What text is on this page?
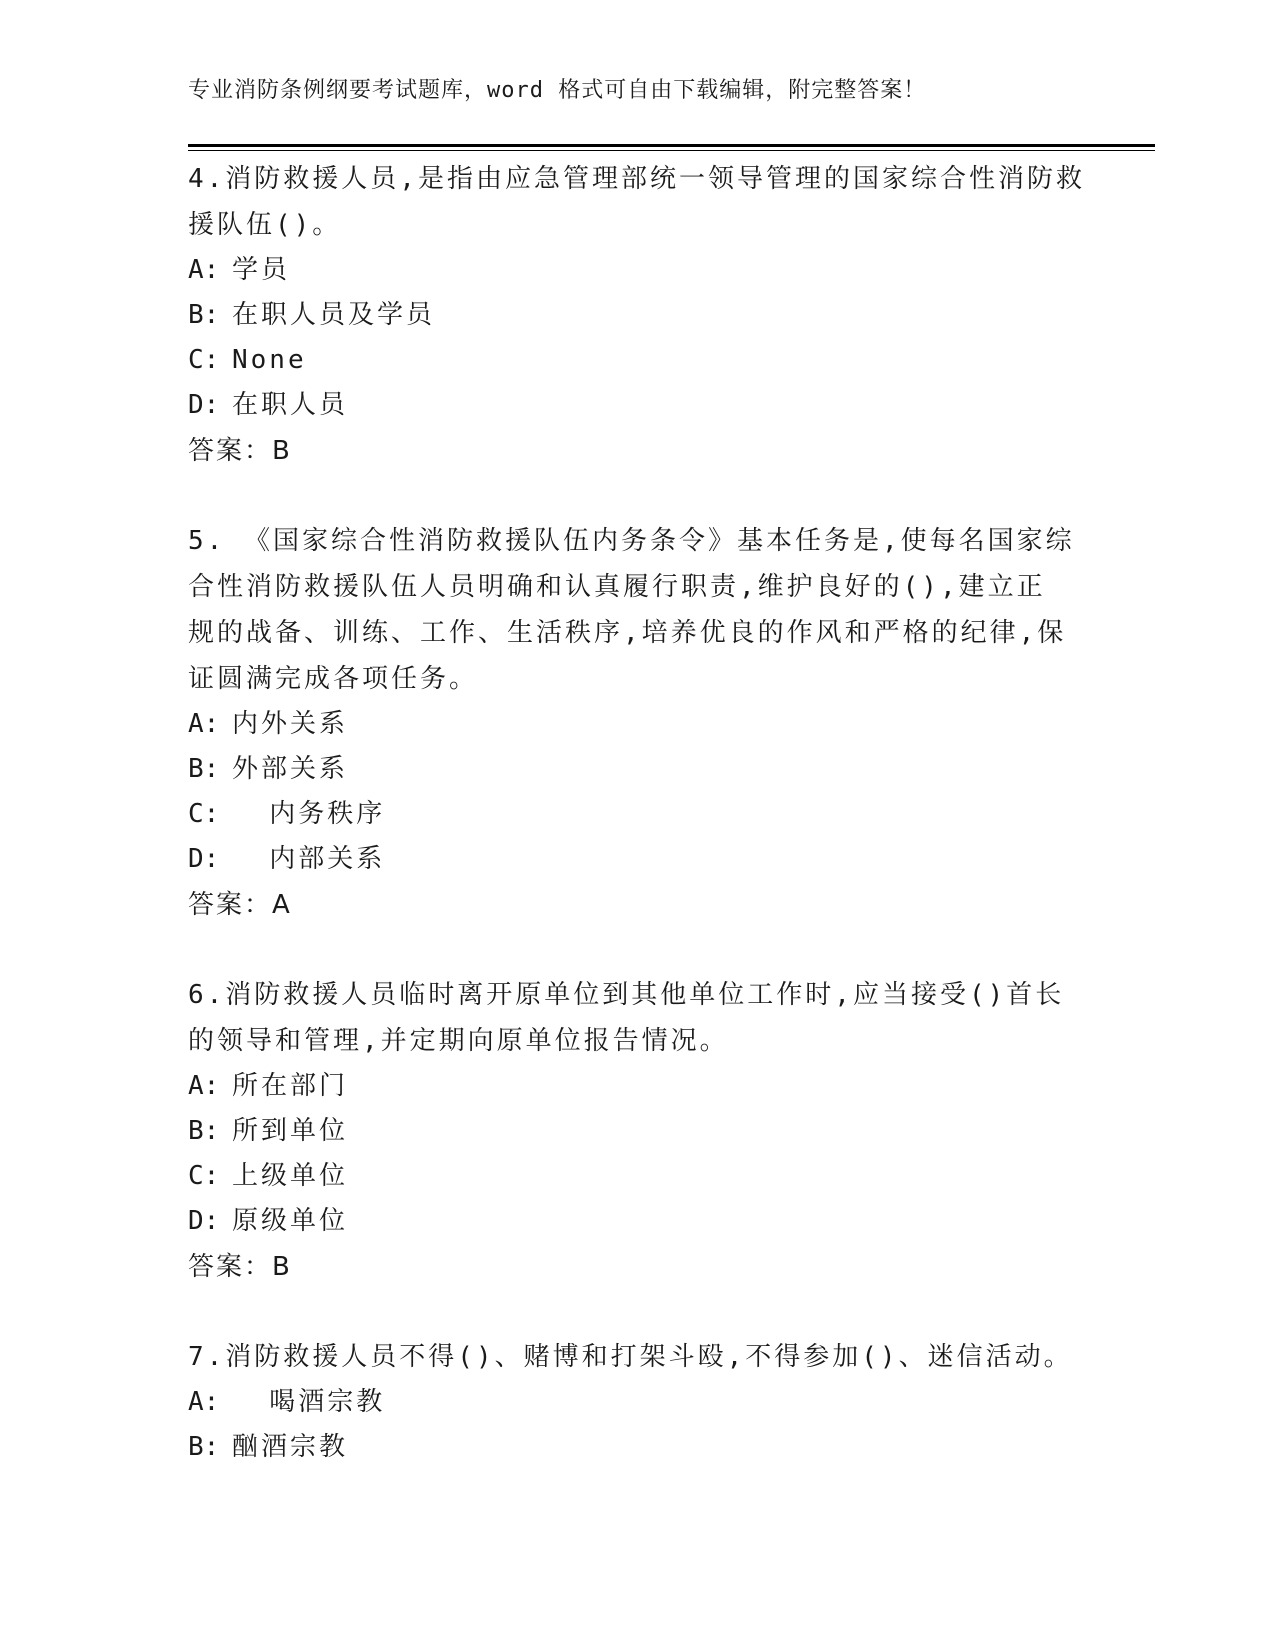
专业消防条例纲要考试题库，word 格式可自由下载编辑，附完整答案！

4.消防救援人员,是指由应急管理部统一领导管理的国家综合性消防救援队伍()。

A: 学员

B: 在职人员及学员

C: None

D: 在职人员

答案：B

5. 《国家综合性消防救援队伍内务条令》基本任务是,使每名国家综合性消防救援队伍人员明确和认真履行职责,维护良好的(),建立正 规的战备、训练、工作、生活秩序,培养优良的作风和严格的纪律,保证圆满完成各项任务。

A: 内外关系

B: 外部关系

C:  内务秩序

D:  内部关系

答案：A

6.消防救援人员临时离开原单位到其他单位工作时,应当接受()首长的领导和管理,并定期向原单位报告情况。

A: 所在部门

B: 所到单位

C: 上级单位

D: 原级单位

答案：B

7.消防救援人员不得()、赌博和打架斗殴,不得参加()、迷信活动。

A:  喝酒宗教

B: 酗酒宗教
